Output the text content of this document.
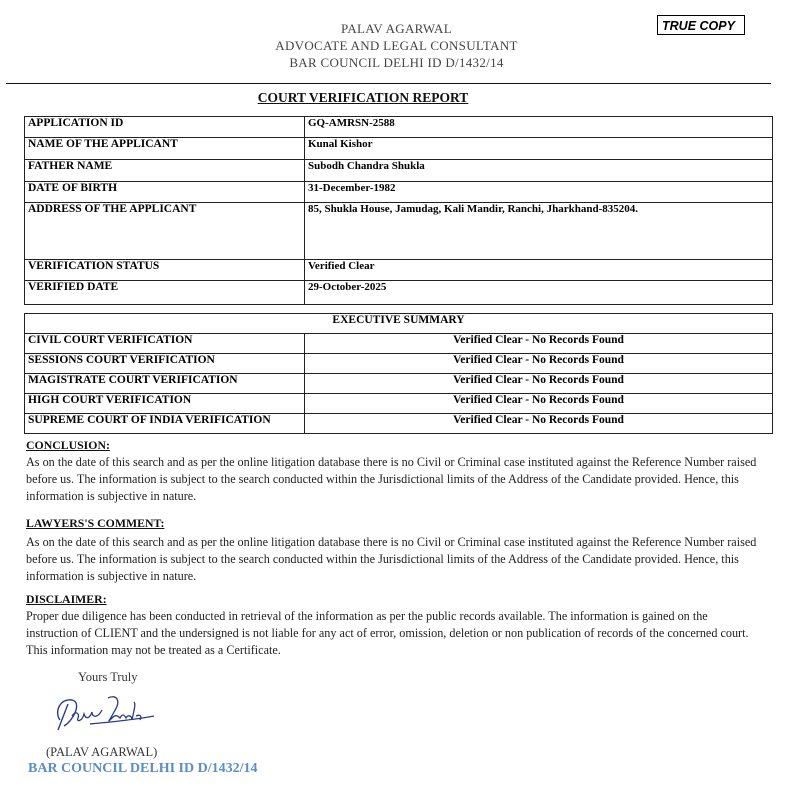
PALAV AGARWAL
ADVOCATE AND LEGAL CONSULTANT
BAR COUNCIL DELHI ID D/1432/14
TRUE COPY
COURT VERIFICATION REPORT
APPLICATION ID	GQ-AMRSN-2588
NAME OF THE APPLICANT	Kunal Kishor
FATHER NAME	Subodh Chandra Shukla
DATE OF BIRTH	31-December-1982
ADDRESS OF THE APPLICANT	85, Shukla House, Jamudag, Kali Mandir, Ranchi, Jharkhand-835204.
VERIFICATION STATUS	Verified Clear
VERIFIED DATE	29-October-2025
EXECUTIVE SUMMARY	
CIVIL COURT VERIFICATION	Verified Clear - No Records Found
SESSIONS COURT VERIFICATION	Verified Clear - No Records Found
MAGISTRATE COURT VERIFICATION	Verified Clear - No Records Found
HIGH COURT VERIFICATION	Verified Clear - No Records Found
SUPREME COURT OF INDIA VERIFICATION	Verified Clear - No Records Found
CONCLUSION:
As on the date of this search and as per the online litigation database there is no Civil or Criminal case instituted against the Reference Number raised before us. The information is subject to the search conducted within the Jurisdictional limits of the Address of the Candidate provided. Hence, this information is subjective in nature.
LAWYERS'S COMMENT:
As on the date of this search and as per the online litigation database there is no Civil or Criminal case instituted against the Reference Number raised before us. The information is subject to the search conducted within the Jurisdictional limits of the Address of the Candidate provided. Hence, this information is subjective in nature.
DISCLAIMER:
Proper due diligence has been conducted in retrieval of the information as per the public records available. The information is gained on the instruction of CLIENT and the undersigned is not liable for any act of error, omission, deletion or non publication of records of the concerned court. This information may not be treated as a Certificate.
Yours Truly
(PALAV AGARWAL)
BAR COUNCIL DELHI ID D/1432/14
